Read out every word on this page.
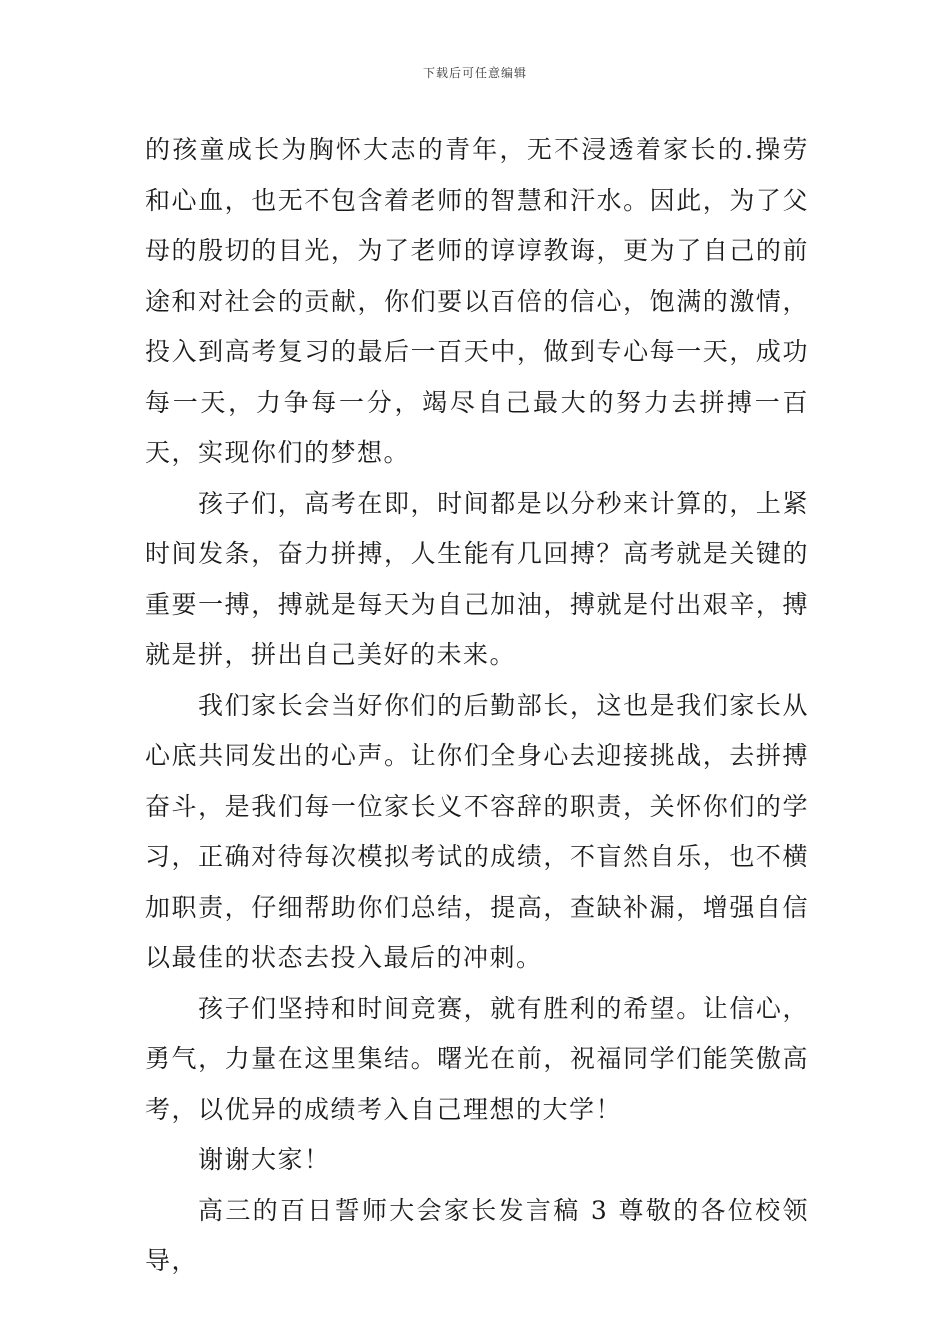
下载后可任意编辑

的孩童成长为胸怀大志的青年，无不浸透着家长的.操劳和心血，也无不包含着老师的智慧和汗水。因此，为了父母的殷切的目光，为了老师的谆谆教诲，更为了自己的前途和对社会的贡献，你们要以百倍的信心，饱满的激情，投入到高考复习的最后一百天中，做到专心每一天，成功每一天，力争每一分，竭尽自己最大的努力去拼搏一百天，实现你们的梦想。

孩子们，高考在即，时间都是以分秒来计算的，上紧时间发条，奋力拼搏，人生能有几回搏？高考就是关键的重要一搏，搏就是每天为自己加油，搏就是付出艰辛，搏就是拼，拼出自己美好的未来。

我们家长会当好你们的后勤部长，这也是我们家长从心底共同发出的心声。让你们全身心去迎接挑战，去拼搏奋斗，是我们每一位家长义不容辞的职责，关怀你们的学习，正确对待每次模拟考试的成绩，不盲然自乐，也不横加职责，仔细帮助你们总结，提高，查缺补漏，增强自信以最佳的状态去投入最后的冲刺。

孩子们坚持和时间竞赛，就有胜利的希望。让信心，勇气，力量在这里集结。曙光在前，祝福同学们能笑傲高考，以优异的成绩考入自己理想的大学！

谢谢大家！

高三的百日誓师大会家长发言稿 3 尊敬的各位校领导，
